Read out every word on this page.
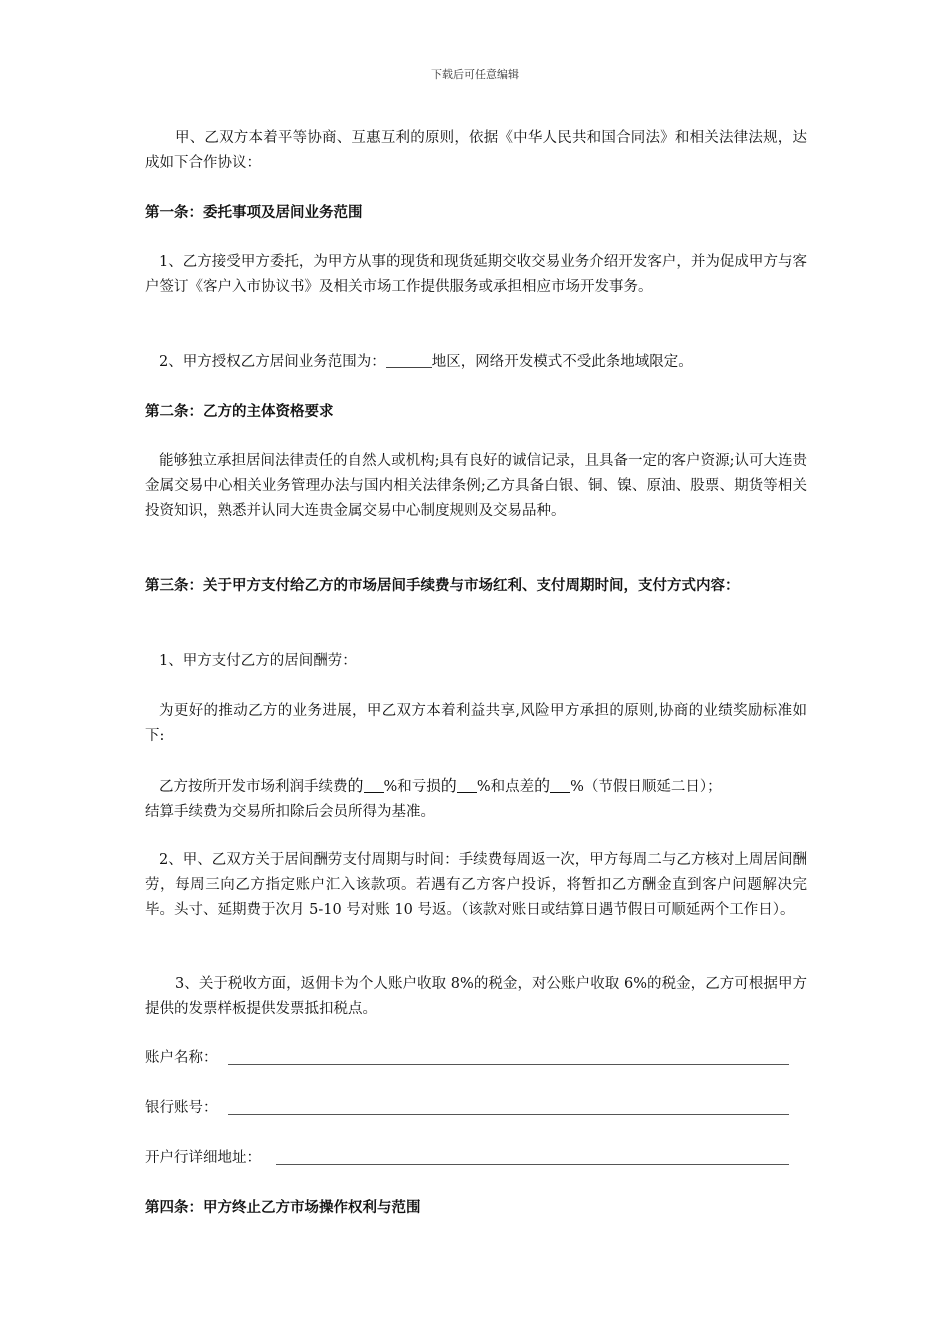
下载后可任意编辑
甲、乙双方本着平等协商、互惠互利的原则，依据《中华人民共和国合同法》和相关法律法规，达成如下合作协议：
第一条：委托事项及居间业务范围
1、乙方接受甲方委托，为甲方从事的现货和现货延期交收交易业务介绍开发客户，并为促成甲方与客户签订《客户入市协议书》及相关市场工作提供服务或承担相应市场开发事务。
2、甲方授权乙方居间业务范围为：	地区，网络开发模式不受此条地域限定。
第二条：乙方的主体资格要求
能够独立承担居间法律责任的自然人或机构;具有良好的诚信记录，且具备一定的客户资源;认可大连贵金属交易中心相关业务管理办法与国内相关法律条例;乙方具备白银、铜、镍、原油、股票、期货等相关投资知识，熟悉并认同大连贵金属交易中心制度规则及交易品种。
第三条：关于甲方支付给乙方的市场居间手续费与市场红利、支付周期时间，支付方式内容：
1、甲方支付乙方的居间酬劳：
为更好的推动乙方的业务进展，甲乙双方本着利益共享,风险甲方承担的原则,协商的业绩奖励标准如下:
乙方按所开发市场利润手续费的 %和亏损的 %和点差的 %（节假日顺延二日）；
结算手续费为交易所扣除后会员所得为基准。
2、甲、乙双方关于居间酬劳支付周期与时间：手续费每周返一次，甲方每周二与乙方核对上周居间酬劳，每周三向乙方指定账户汇入该款项。若遇有乙方客户投诉，将暂扣乙方酬金直到客户问题解决完毕。头寸、延期费于次月 5-10 号对账 10 号返。（该款对账日或结算日遇节假日可顺延两个工作日）。
3、关于税收方面，返佣卡为个人账户收取 8%的税金，对公账户收取 6%的税金，乙方可根据甲方提供的发票样板提供发票抵扣税点。
账户名称：
银行账号：
开户行详细地址：
第四条：甲方终止乙方市场操作权利与范围
